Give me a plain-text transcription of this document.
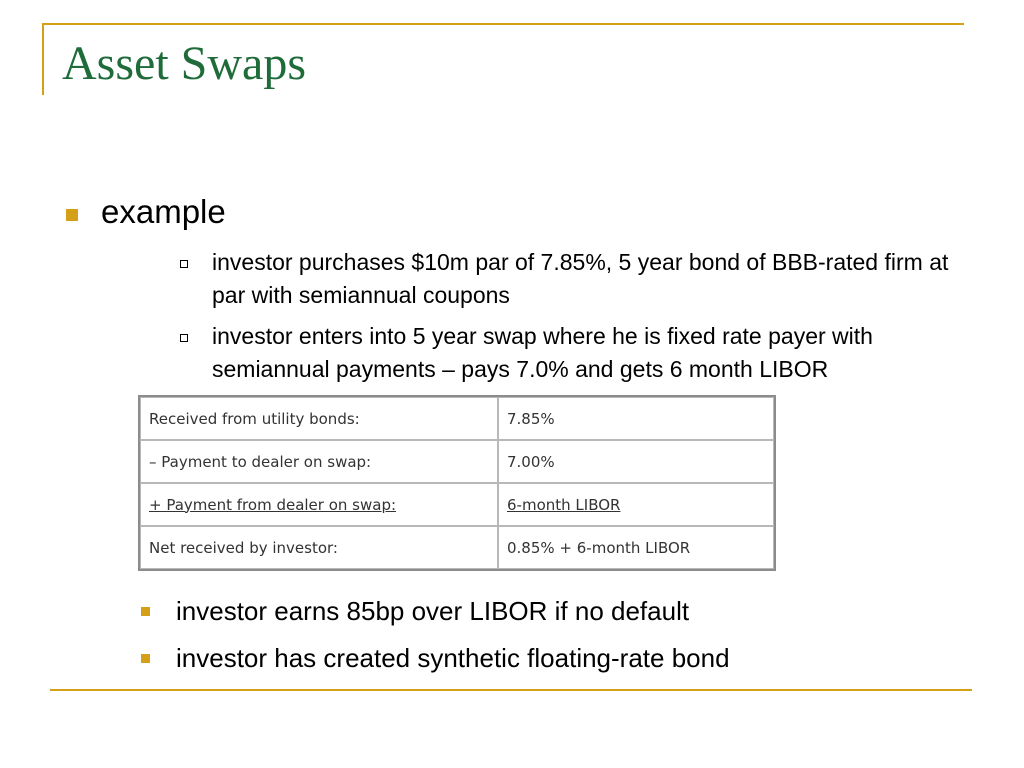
Asset Swaps
example
investor purchases $10m par of 7.85%, 5 year bond of BBB-rated firm at par with semiannual coupons
investor enters into 5 year swap where he is fixed rate payer with semiannual payments – pays 7.0% and gets 6 month LIBOR
Received from utility bonds:	7.85%
– Payment to dealer on swap:	7.00%
+ Payment from dealer on swap:	6-month LIBOR
Net received by investor:	0.85% + 6-month LIBOR
investor earns 85bp over LIBOR if no default
investor has created synthetic floating-rate bond
